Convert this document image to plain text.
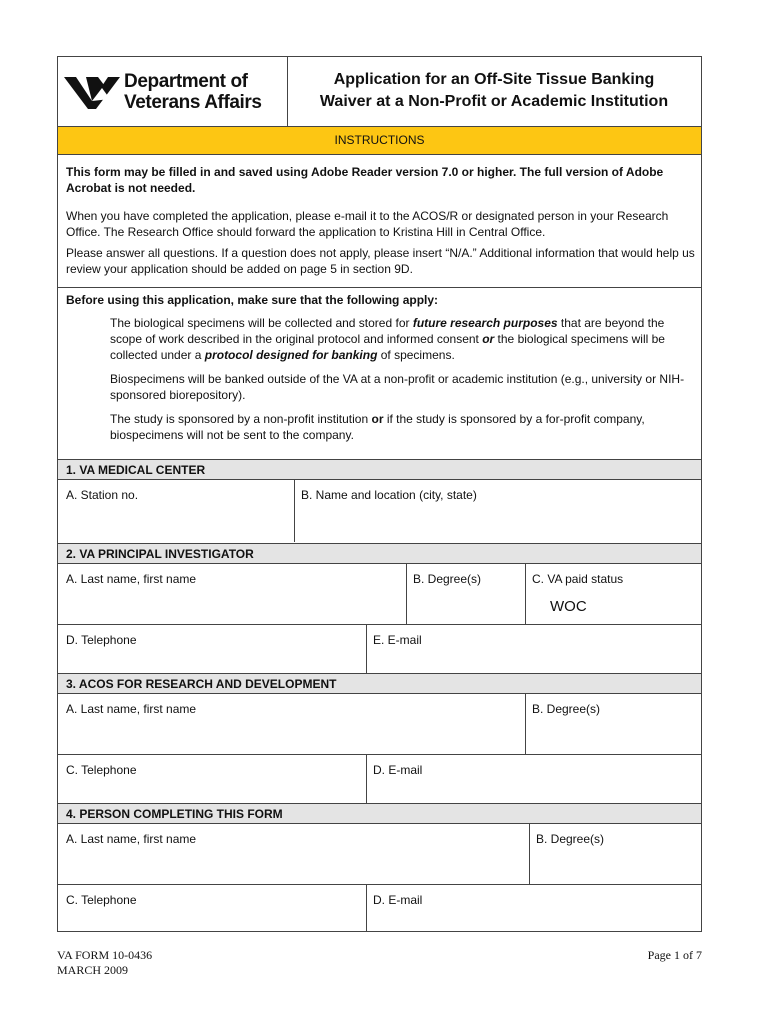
Department of
Veterans Affairs
Application for an Off-Site Tissue Banking
Waiver at a Non-Profit or Academic Institution
INSTRUCTIONS
This form may be filled in and saved using Adobe Reader version 7.0 or higher. The full version of Adobe Acrobat is not needed.
When you have completed the application, please e-mail it to the ACOS/R or designated person in your Research Office. The Research Office should forward the application to Kristina Hill in Central Office.
Please answer all questions. If a question does not apply, please insert “N/A.” Additional information that would help us review your application should be added on page 5 in section 9D.
Before using this application, make sure that the following apply:
The biological specimens will be collected and stored for future research purposes that are beyond the scope of work described in the original protocol and informed consent or the biological specimens will be collected under a protocol designed for banking of specimens.
Biospecimens will be banked outside of the VA at a non-profit or academic institution (e.g., university or NIH-sponsored biorepository).
The study is sponsored by a non-profit institution or if the study is sponsored by a for-profit company, biospecimens will not be sent to the company.
1. VA MEDICAL CENTER
A. Station no.	B. Name and location (city, state)
2. VA PRINCIPAL INVESTIGATOR
A. Last name, first name	B. Degree(s)	C. VA paid status
WOC
D. Telephone	E. E-mail
3. ACOS FOR RESEARCH AND DEVELOPMENT
A. Last name, first name	B. Degree(s)
C. Telephone	D. E-mail
4. PERSON COMPLETING THIS FORM
A. Last name, first name	B. Degree(s)
C. Telephone	D. E-mail
VA FORM 10-0436
MARCH 2009
Page 1 of 7
